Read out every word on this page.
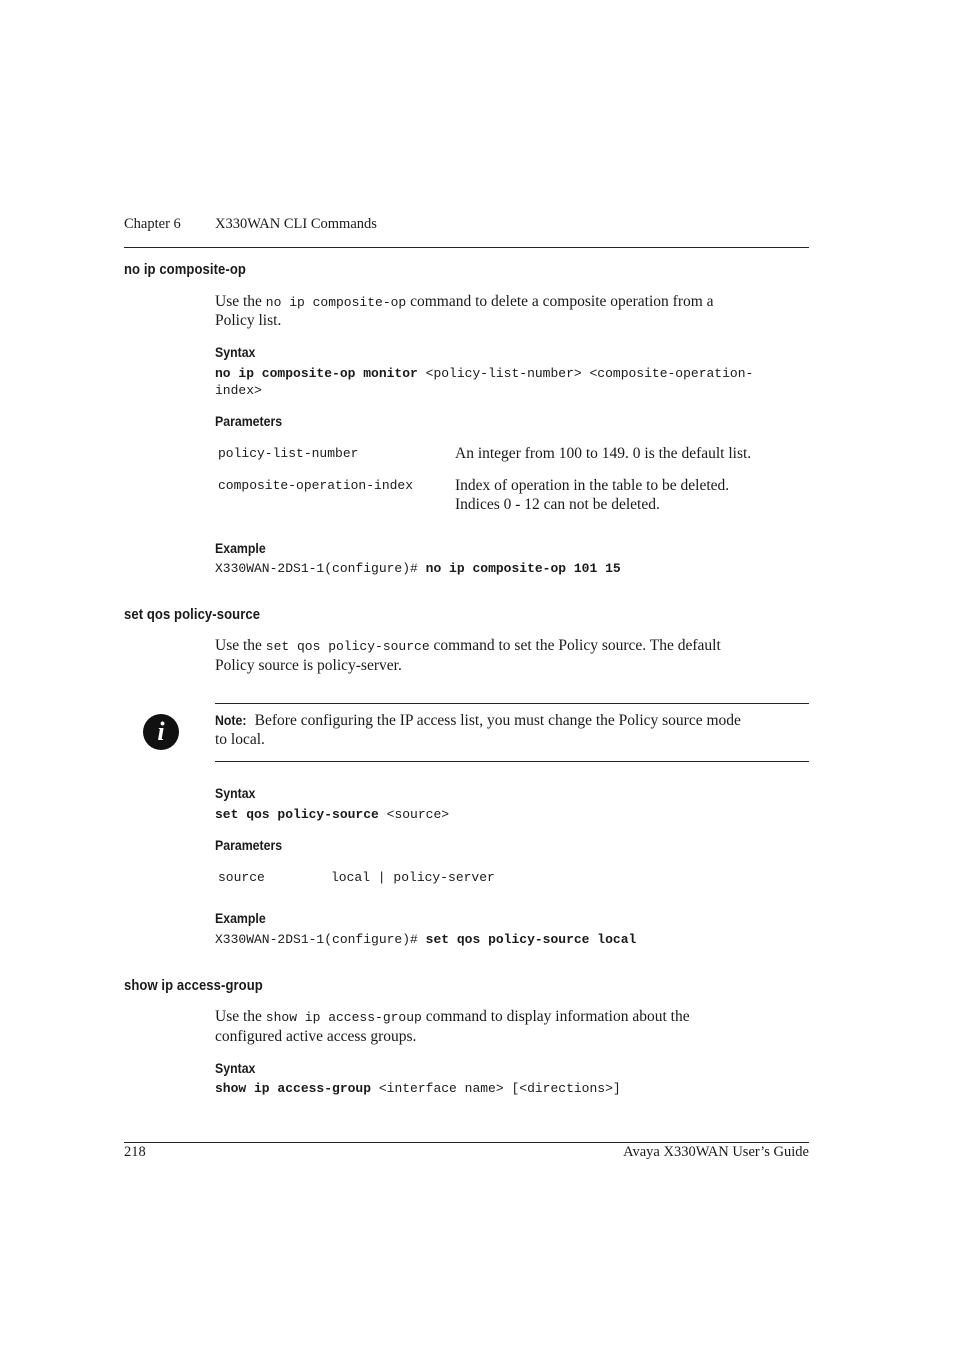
Chapter 6 X330WAN CLI Commands
no ip composite-op
Use the no ip composite-op command to delete a composite operation from a
Policy list.
Syntax
no ip composite-op monitor <policy-list-number> <composite-operation-
index>
Parameters
policy-list-number	An integer from 100 to 149. 0 is the default list.
composite-operation-index	Index of operation in the table to be deleted.
Indices 0 - 12 can not be deleted.
Example
X330WAN-2DS1-1(configure)# no ip composite-op 101 15
set qos policy-source
Use the set qos policy-source command to set the Policy source. The default
Policy source is policy-server.
i	Note: Before configuring the IP access list, you must change the Policy source mode
to local.
Syntax
set qos policy-source <source>
Parameters
source	local | policy-server
Example
X330WAN-2DS1-1(configure)# set qos policy-source local
show ip access-group
Use the show ip access-group command to display information about the
configured active access groups.
Syntax
show ip access-group <interface name> [<directions>]
218	Avaya X330WAN User’s Guide
